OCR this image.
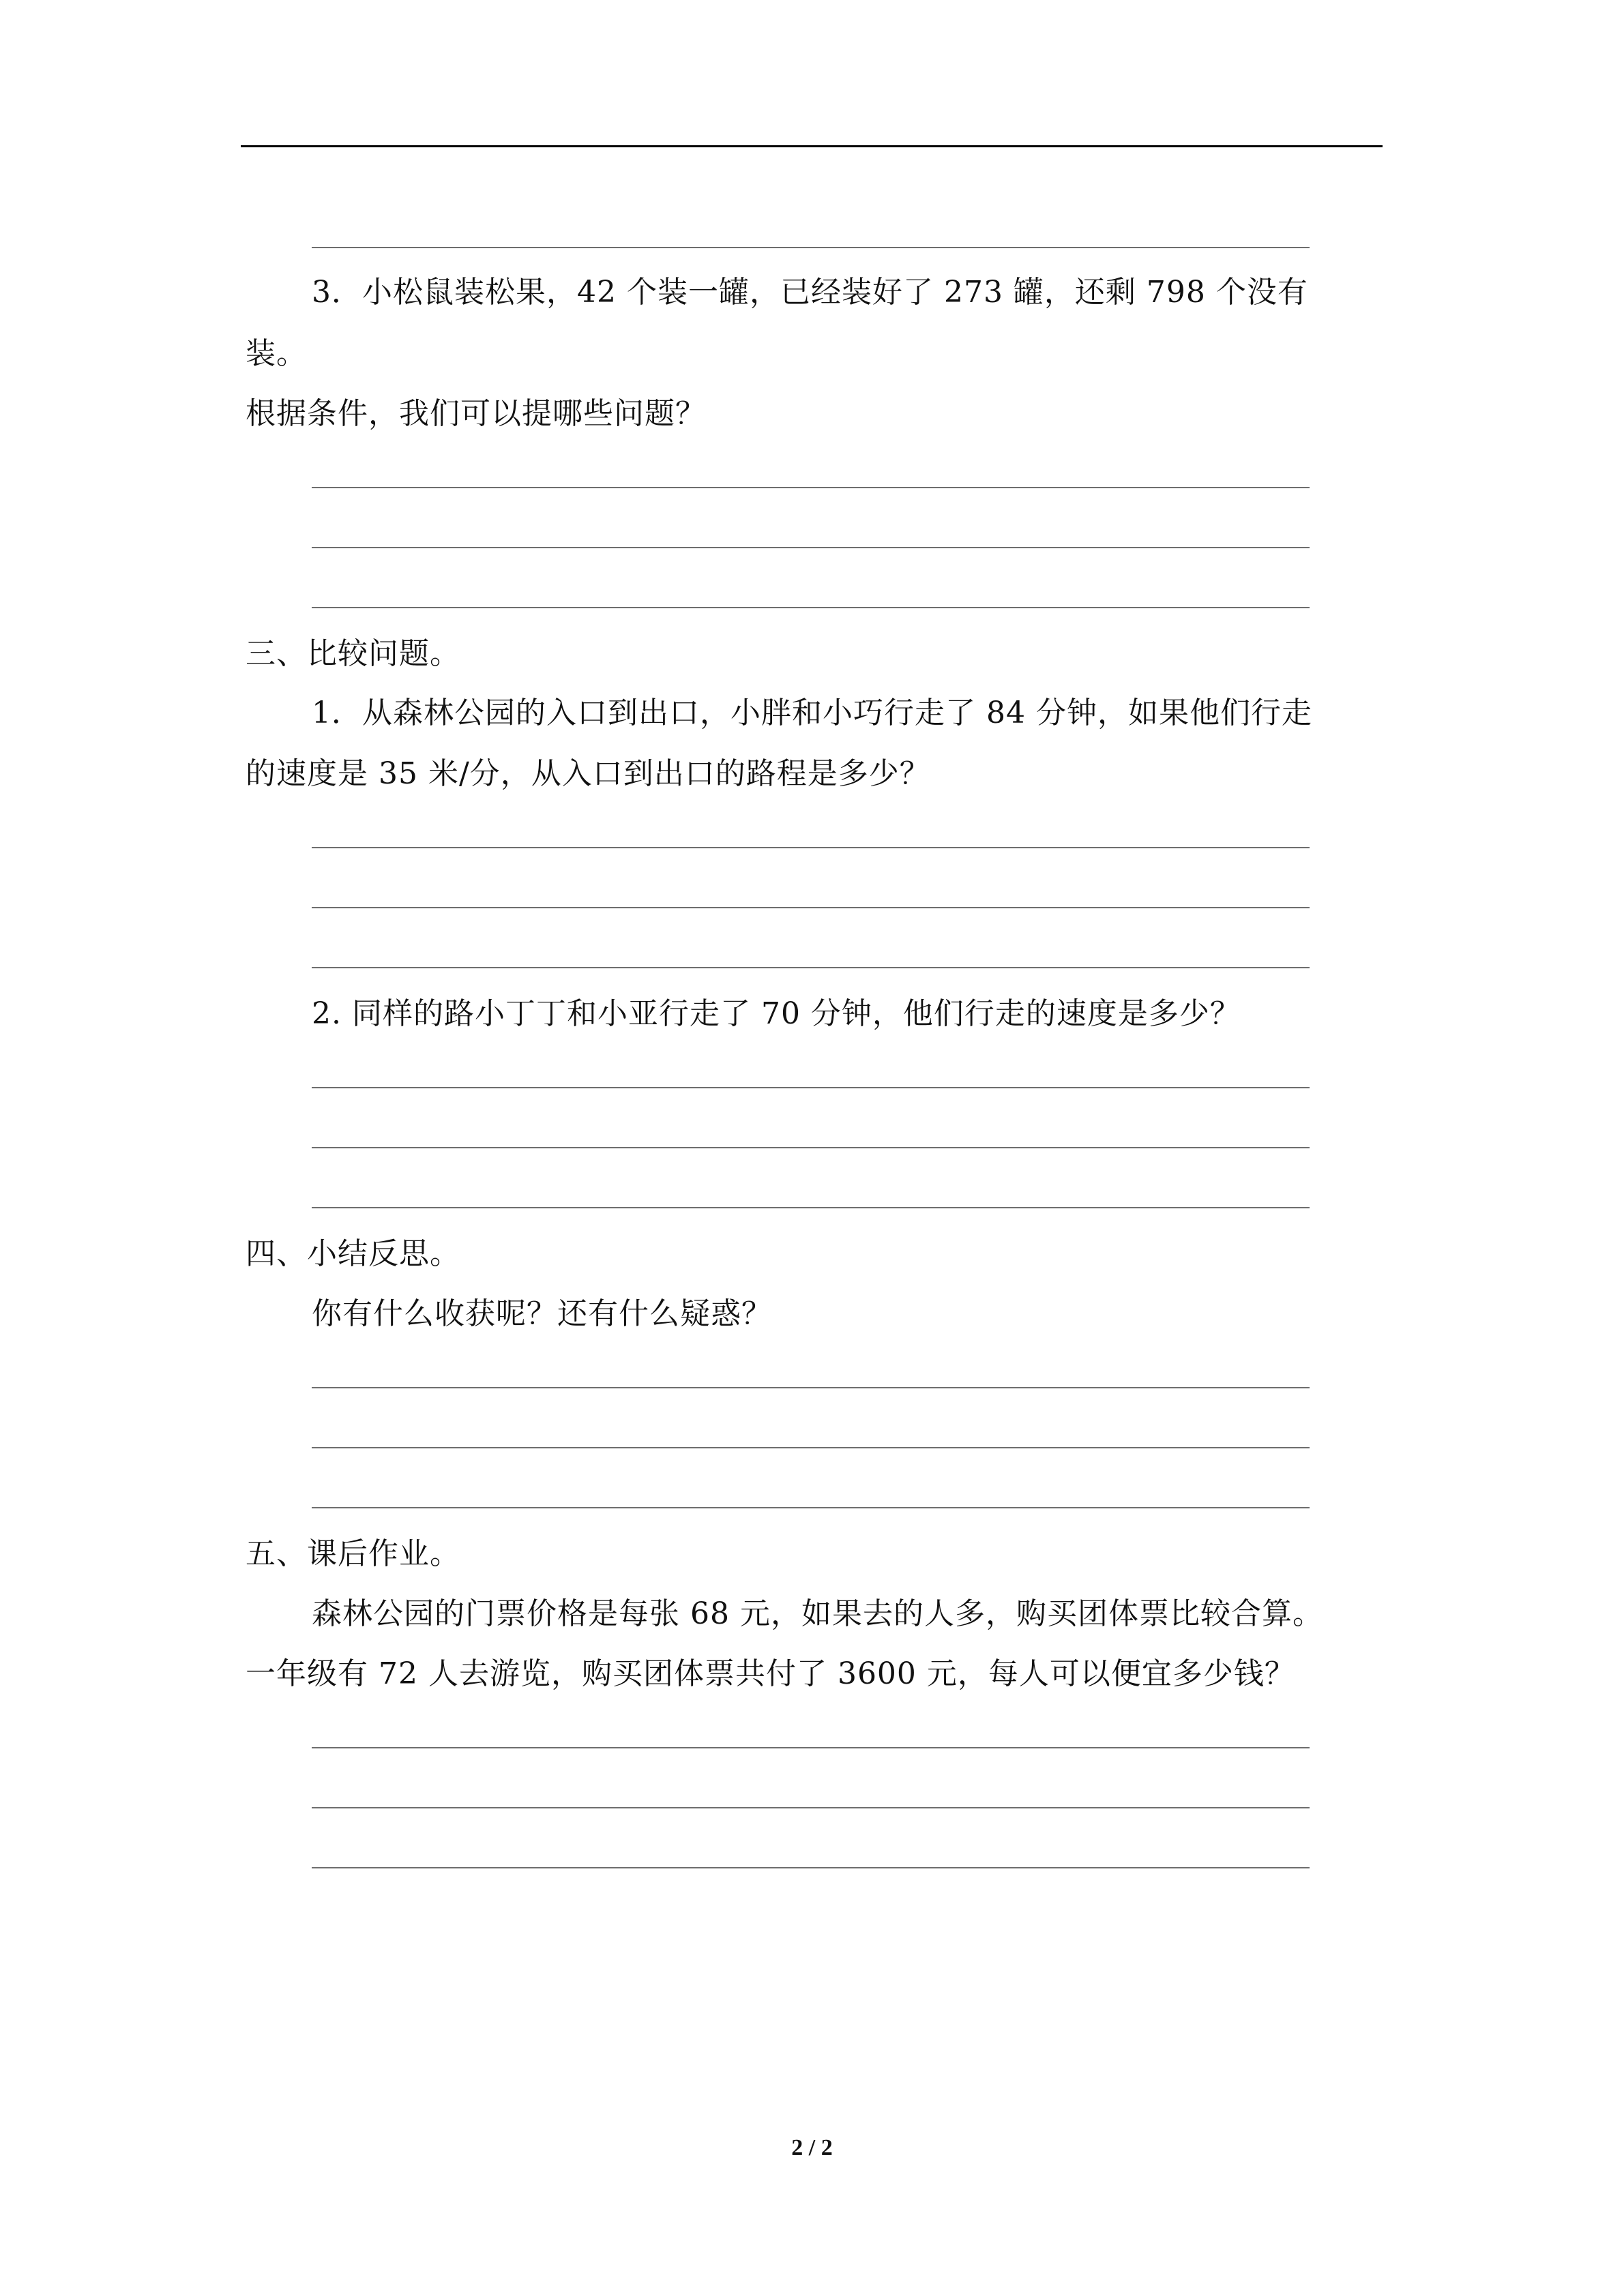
3．小松鼠装松果，42 个装一罐，已经装好了 273 罐，还剩 798 个没有
装。
根据条件，我们可以提哪些问题？
三、比较问题。
1．从森林公园的入口到出口，小胖和小巧行走了 84 分钟，如果他们行走
的速度是 35 米/分，从入口到出口的路程是多少？
2. 同样的路小丁丁和小亚行走了 70 分钟，他们行走的速度是多少？
四、小结反思。
你有什么收获呢？还有什么疑惑？
五、课后作业。
森林公园的门票价格是每张 68 元，如果去的人多，购买团体票比较合算。
一年级有 72 人去游览，购买团体票共付了 3600 元，每人可以便宜多少钱？
2 / 2
